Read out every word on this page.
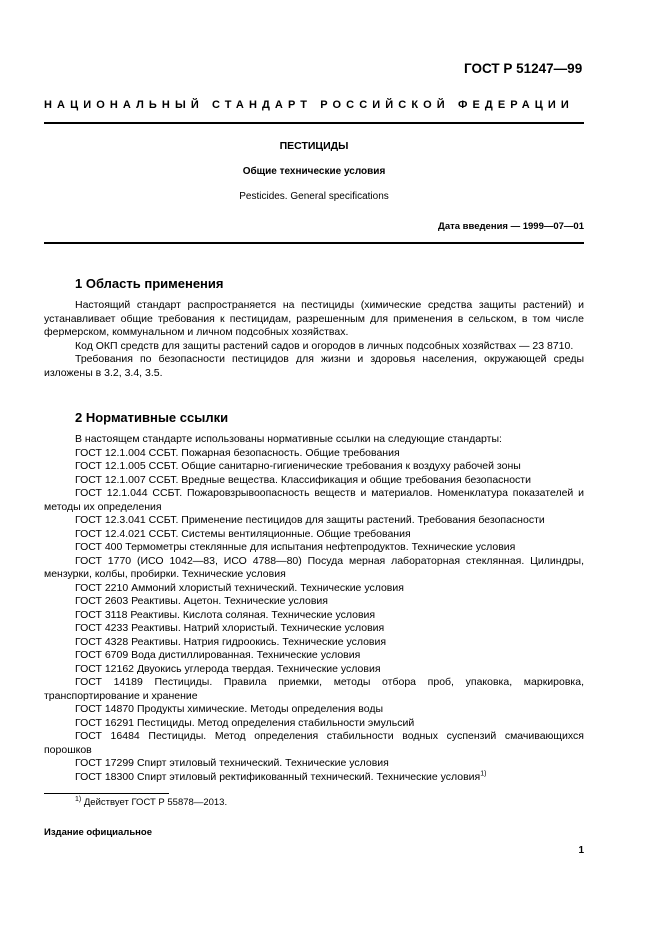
ГОСТ Р 51247—99
НАЦИОНАЛЬНЫЙ СТАНДАРТ РОССИЙСКОЙ ФЕДЕРАЦИИ
ПЕСТИЦИДЫ
Общие технические условия
Pesticides. General specifications
Дата введения — 1999—07—01
1 Область применения

Настоящий стандарт распространяется на пестициды (химические средства защиты растений) и устанавливает общие требования к пестицидам, разрешенным для применения в сельском, в том числе фермерском, коммунальном и личном подсобных хозяйствах.

Код ОКП средств для защиты растений садов и огородов в личных подсобных хозяйствах — 23 8710.

Требования по безопасности пестицидов для жизни и здоровья населения, окружающей среды изложены в 3.2, 3.4, 3.5.

2 Нормативные ссылки

В настоящем стандарте использованы нормативные ссылки на следующие стандарты:

ГОСТ 12.1.004 ССБТ. Пожарная безопасность. Общие требования

ГОСТ 12.1.005 ССБТ. Общие санитарно-гигиенические требования к воздуху рабочей зоны

ГОСТ 12.1.007 ССБТ. Вредные вещества. Классификация и общие требования безопасности

ГОСТ 12.1.044 ССБТ. Пожаровзрывоопасность веществ и материалов. Номенклатура показателей и методы их определения

ГОСТ 12.3.041 ССБТ. Применение пестицидов для защиты растений. Требования безопасности

ГОСТ 12.4.021 ССБТ. Системы вентиляционные. Общие требования

ГОСТ 400 Термометры стеклянные для испытания нефтепродуктов. Технические условия

ГОСТ 1770 (ИСО 1042—83, ИСО 4788—80) Посуда мерная лабораторная стеклянная. Цилиндры, мензурки, колбы, пробирки. Технические условия

ГОСТ 2210 Аммоний хлористый технический. Технические условия

ГОСТ 2603 Реактивы. Ацетон. Технические условия

ГОСТ 3118 Реактивы. Кислота соляная. Технические условия

ГОСТ 4233 Реактивы. Натрий хлористый. Технические условия

ГОСТ 4328 Реактивы. Натрия гидроокись. Технические условия

ГОСТ 6709 Вода дистиллированная. Технические условия

ГОСТ 12162 Двуокись углерода твердая. Технические условия

ГОСТ 14189 Пестициды. Правила приемки, методы отбора проб, упаковка, маркировка, транспортирование и хранение

ГОСТ 14870 Продукты химические. Методы определения воды

ГОСТ 16291 Пестициды. Метод определения стабильности эмульсий

ГОСТ 16484 Пестициды. Метод определения стабильности водных суспензий смачивающихся порошков

ГОСТ 17299 Спирт этиловый технический. Технические условия

ГОСТ 18300 Спирт этиловый ректификованный технический. Технические условия$^{1)}$

$^{1)}$ Действует ГОСТ Р 55878—2013.
Издание официальное
1
